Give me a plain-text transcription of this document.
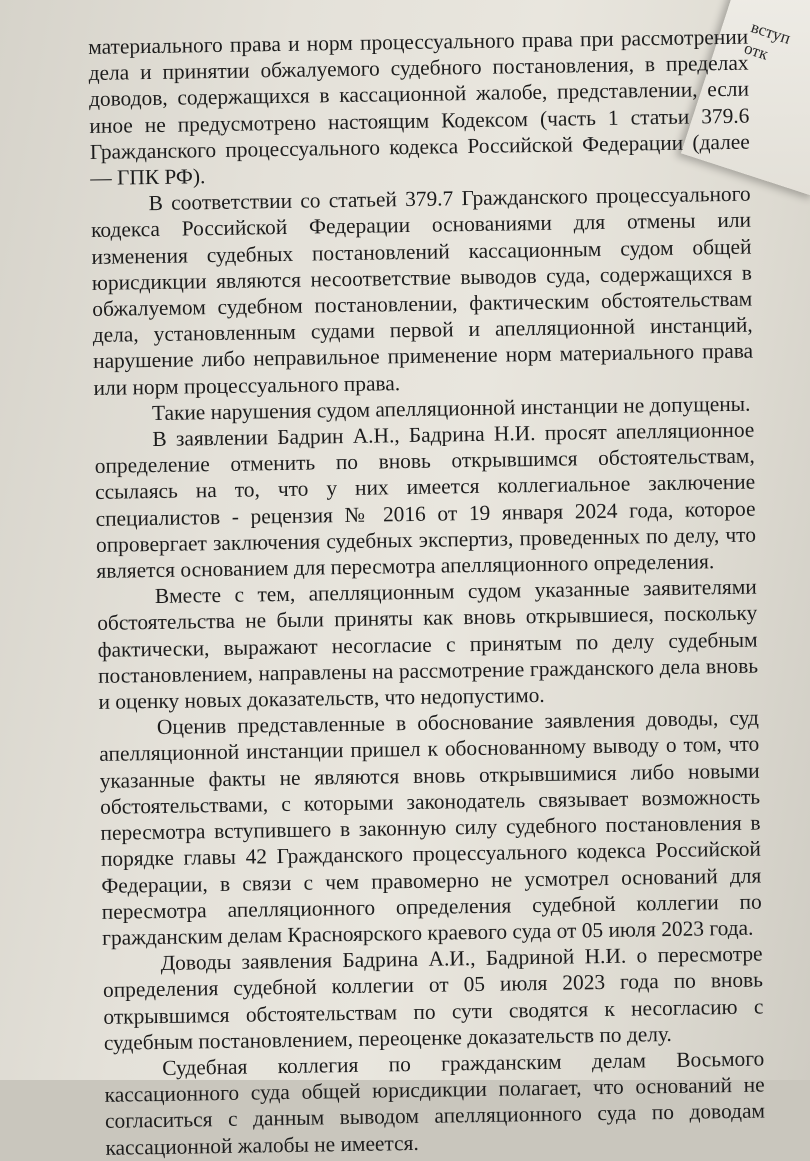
вступ
отк

материального права и норм процессуального права при рассмотрении дела и принятии обжалуемого судебного постановления, в пределах доводов, содержащихся в кассационной жалобе, представлении, если иное не предусмотрено настоящим Кодексом (часть 1 статьи 379.6 Гражданского процессуального кодекса Российской Федерации (далее — ГПК РФ).

В соответствии со статьей 379.7 Гражданского процессуального кодекса Российской Федерации основаниями для отмены или изменения судебных постановлений кассационным судом общей юрисдикции являются несоответствие выводов суда, содержащихся в обжалуемом судебном постановлении, фактическим обстоятельствам дела, установленным судами первой и апелляционной инстанций, нарушение либо неправильное применение норм материального права или норм процессуального права.

Такие нарушения судом апелляционной инстанции не допущены.

В заявлении Бадрин А.Н., Бадрина Н.И. просят апелляционное определение отменить по вновь открывшимся обстоятельствам, ссылаясь на то, что у них имеется коллегиальное заключение специалистов - рецензия № 2016 от 19 января 2024 года, которое опровергает заключения судебных экспертиз, проведенных по делу, что является основанием для пересмотра апелляционного определения.

Вместе с тем, апелляционным судом указанные заявителями обстоятельства не были приняты как вновь открывшиеся, поскольку фактически, выражают несогласие с принятым по делу судебным постановлением, направлены на рассмотрение гражданского дела вновь и оценку новых доказательств, что недопустимо.

Оценив представленные в обоснование заявления доводы, суд апелляционной инстанции пришел к обоснованному выводу о том, что указанные факты не являются вновь открывшимися либо новыми обстоятельствами, с которыми законодатель связывает возможность пересмотра вступившего в законную силу судебного постановления в порядке главы 42 Гражданского процессуального кодекса Российской Федерации, в связи с чем правомерно не усмотрел оснований для пересмотра апелляционного определения судебной коллегии по гражданским делам Красноярского краевого суда от 05 июля 2023 года.

Доводы заявления Бадрина А.И., Бадриной Н.И. о пересмотре определения судебной коллегии от 05 июля 2023 года по вновь открывшимся обстоятельствам по сути сводятся к несогласию с судебным постановлением, переоценке доказательств по делу.

Судебная коллегия по гражданским делам Восьмого кассационного суда общей юрисдикции полагает, что оснований не согласиться с данным выводом апелляционного суда по доводам кассационной жалобы не имеется.
